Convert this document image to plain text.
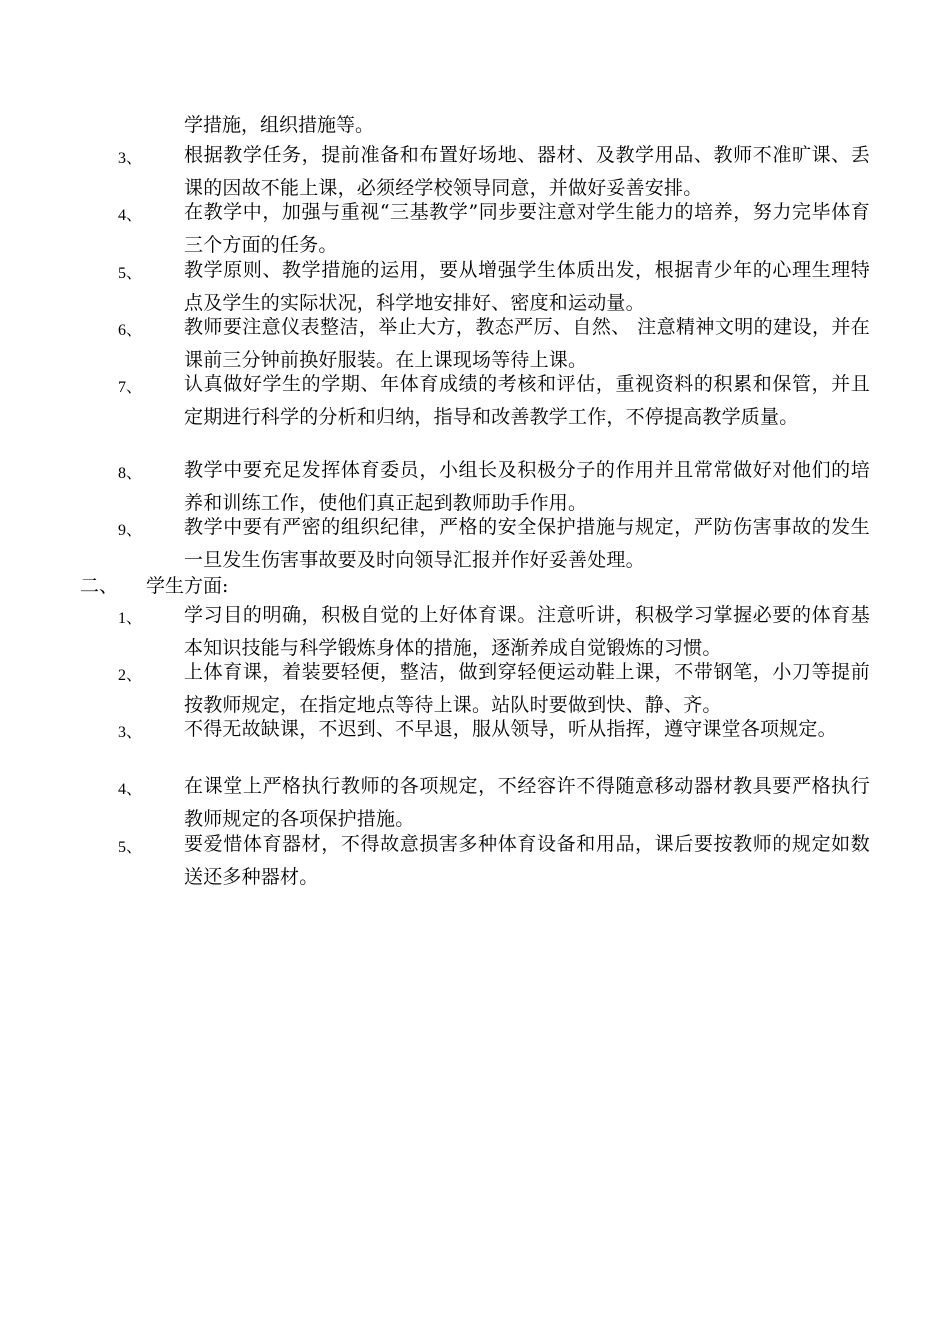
学措施，组织措施等。
3、 根据教学任务，提前准备和布置好场地、器材、及教学用品、教师不准旷课、丢课的因故不能上课，必须经学校领导同意，并做好妥善安排。
4、 在教学中，加强与重视“三基教学”同步要注意对学生能力的培养，努力完毕体育三个方面的任务。
5、 教学原则、教学措施的运用，要从增强学生体质出发，根据青少年的心理生理特点及学生的实际状况，科学地安排好、密度和运动量。
6、 教师要注意仪表整洁，举止大方，教态严厉、自然、 注意精神文明的建设，并在课前三分钟前换好服装。在上课现场等待上课。
7、 认真做好学生的学期、年体育成绩的考核和评估，重视资料的积累和保管，并且定期进行科学的分析和归纳，指导和改善教学工作，不停提高教学质量。
8、 教学中要充足发挥体育委员，小组长及积极分子的作用并且常常做好对他们的培养和训练工作，使他们真正起到教师助手作用。
9、 教学中要有严密的组织纪律，严格的安全保护措施与规定，严防伤害事故的发生一旦发生伤害事故要及时向领导汇报并作好妥善处理。
二、 学生方面:
1、 学习目的明确，积极自觉的上好体育课。注意听讲，积极学习掌握必要的体育基本知识技能与科学锻炼身体的措施，逐渐养成自觉锻炼的习惯。
2、 上体育课，着装要轻便，整洁，做到穿轻便运动鞋上课，不带钢笔，小刀等提前按教师规定，在指定地点等待上课。站队时要做到快、静、齐。
3、 不得无故缺课，不迟到、不早退，服从领导，听从指挥，遵守课堂各项规定。
4、 在课堂上严格执行教师的各项规定，不经容许不得随意移动器材教具要严格执行教师规定的各项保护措施。
5、 要爱惜体育器材，不得故意损害多种体育设备和用品，课后要按教师的规定如数送还多种器材。
